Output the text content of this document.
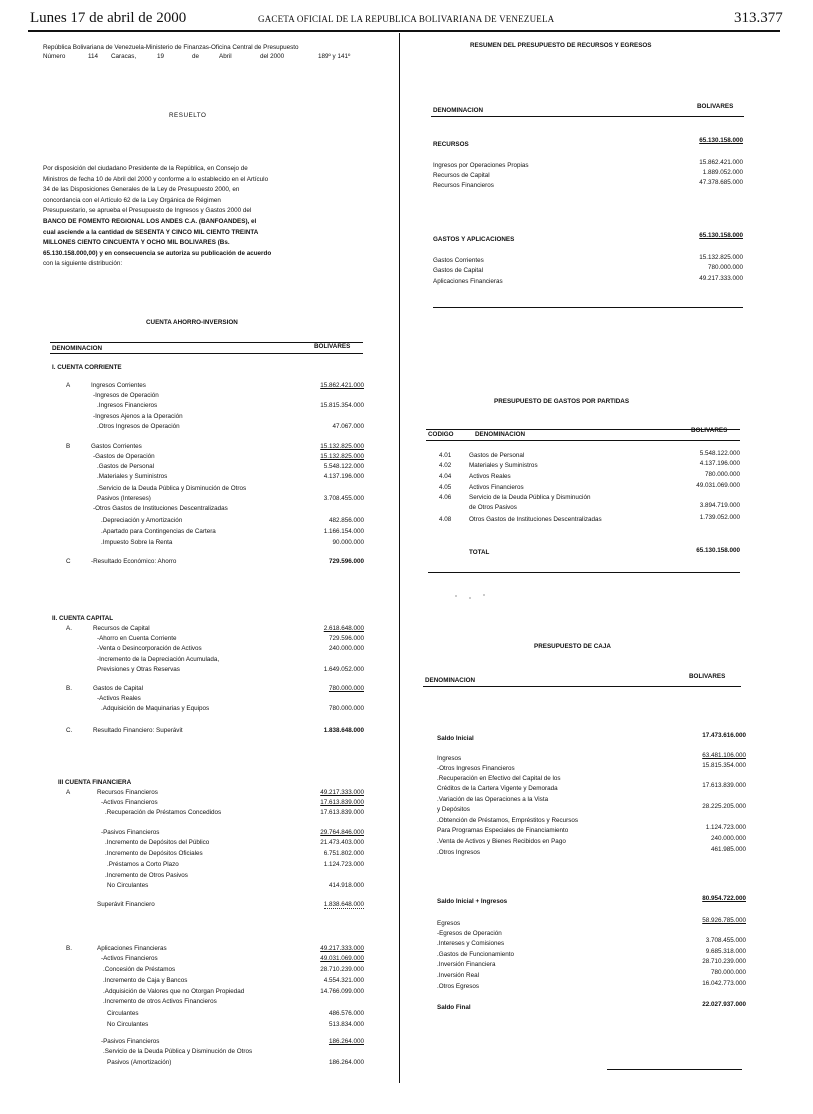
Lunes 17 de abril de 2000	GACETA OFICIAL DE LA REPUBLICA BOLIVARIANA DE VENEZUELA	313.377
República Bolivariana de Venezuela-Ministerio de Finanzas-Oficina Central de Presupuesto
Número	114 Caracas,	19	de	Abril	del 2000	189º y 141º
RESUELTO
Por disposición del ciudadano Presidente de la República, en Consejo de
Ministros de fecha 10 de Abril del 2000 y conforme a lo establecido en el Artículo
34 de las Disposiciones Generales de la Ley de Presupuesto 2000, en
concordancia con el Artículo 62 de la Ley Orgánica de Régimen
Presupuestario, se aprueba el Presupuesto de Ingresos y Gastos 2000 del
BANCO DE FOMENTO REGIONAL LOS ANDES C.A. (BANFOANDES), el
cual asciende a la cantidad de SESENTA Y CINCO MIL CIENTO TREINTA
MILLONES CIENTO CINCUENTA Y OCHO MIL BOLIVARES (Bs.
65.130.158.000,00) y en consecuencia se autoriza su publicación de acuerdo
con la siguiente distribución:
CUENTA AHORRO-INVERSION
DENOMINACION	BOLIVARES
I. CUENTA CORRIENTE
A	Ingresos Corrientes	15.862.421.000
-Ingresos de Operación
.Ingresos Financieros	15.815.354.000
-Ingresos Ajenos a la Operación
.Otros Ingresos de Operación	47.067.000
B	Gastos Corrientes	15.132.825.000
-Gastos de Operación	15.132.825.000
.Gastos de Personal	5.548.122.000
.Materiales y Suministros	4.137.196.000
.Servicio de la Deuda Pública y Disminución de Otros
Pasivos (Intereses)	3.708.455.000
-Otros Gastos de Instituciones Descentralizadas
.Depreciación y Amortización	482.856.000
.Apartado para Contingencias de Cartera	1.166.154.000
.Impuesto Sobre la Renta	90.000.000
C	-Resultado Económico: Ahorro	729.596.000
II. CUENTA CAPITAL
A.	Recursos de Capital	2.618.648.000
-Ahorro en Cuenta Corriente	729.596.000
-Venta o Desincorporación de Activos	240.000.000
-Incremento de la Depreciación Acumulada,
Previsiones y Otras Reservas	1.649.052.000
B.	Gastos de Capital	780.000.000
-Activos Reales
.Adquisición de Maquinarias y Equipos	780.000.000
C.	Resultado Financiero: Superávit	1.838.648.000
III CUENTA FINANCIERA
A	Recursos Financieros	49.217.333.000
-Activos Financieros	17.613.839.000
.Recuperación de Préstamos Concedidos	17.613.839.000
-Pasivos Financieros	29.764.846.000
.Incremento de Depósitos del Público	21.473.403.000
.Incremento de Depósitos Oficiales	6.751.802.000
.Préstamos a Corto Plazo	1.124.723.000
.Incremento de Otros Pasivos
No Circulantes	414.918.000
Superávit Financiero	1.838.648.000
B.	Aplicaciones Financieras	49.217.333.000
-Activos Financieros	49.031.069.000
.Concesión de Préstamos	28.710.239.000
.Incremento de Caja y Bancos	4.554.321.000
.Adquisición de Valores que no Otorgan Propiedad	14.766.099.000
.Incremento de otros Activos Financieros
Circulantes	486.576.000
No Circulantes	513.834.000
-Pasivos Financieros	186.264.000
.Servicio de la Deuda Pública y Disminución de Otros
Pasivos (Amortización)	186.264.000
RESUMEN DEL PRESUPUESTO DE RECURSOS Y EGRESOS
BOLIVARES
DENOMINACION
RECURSOS
65.130.158.000
Ingresos por Operaciones Propias	15.862.421.000
Recursos de Capital	1.889.052.000
Recursos Financieros	47.378.685.000
GASTOS Y APLICACIONES
65.130.158.000
Gastos Corrientes	15.132.825.000
Gastos de Capital	780.000.000
Aplicaciones Financieras	49.217.333.000
PRESUPUESTO DE GASTOS POR PARTIDAS
BOLIVARES
CODIGO	DENOMINACION
4.01	Gastos de Personal	5.548.122.000
4.02	Materiales y Suministros	4.137.196.000
4.04	Activos Reales	780.000.000
4.05	Activos Financieros	49.031.069.000
4.06	Servicio de la Deuda Pública y Disminución
de Otros Pasivos	3.894.719.000
4.08	Otros Gastos de Instituciones Descentralizadas	1.739.052.000
TOTAL	65.130.158.000
PRESUPUESTO DE CAJA
BOLIVARES
DENOMINACION
Saldo Inicial	17.473.616.000
Ingresos	63.481.106.000
-Otros Ingresos Financieros	15.815.354.000
.Recuperación en Efectivo del Capital de los
Créditos de la Cartera Vigente y Demorada	17.613.839.000
.Variación de las Operaciones a la Vista
y Depósitos	28.225.205.000
.Obtención de Préstamos, Empréstitos y Recursos
Para Programas Especiales de Financiamiento	1.124.723.000
.Venta de Activos y Bienes Recibidos en Pago	240.000.000
.Otros Ingresos	461.985.000
Saldo Inicial + Ingresos	80.954.722.000
Egresos	58.926.785.000
-Egresos de Operación
.Intereses y Comisiones	3.708.455.000
.Gastos de Funcionamiento	9.685.318.000
.Inversión Financiera	28.710.239.000
.Inversión Real	780.000.000
.Otros Egresos	16.042.773.000
Saldo Final	22.027.937.000
